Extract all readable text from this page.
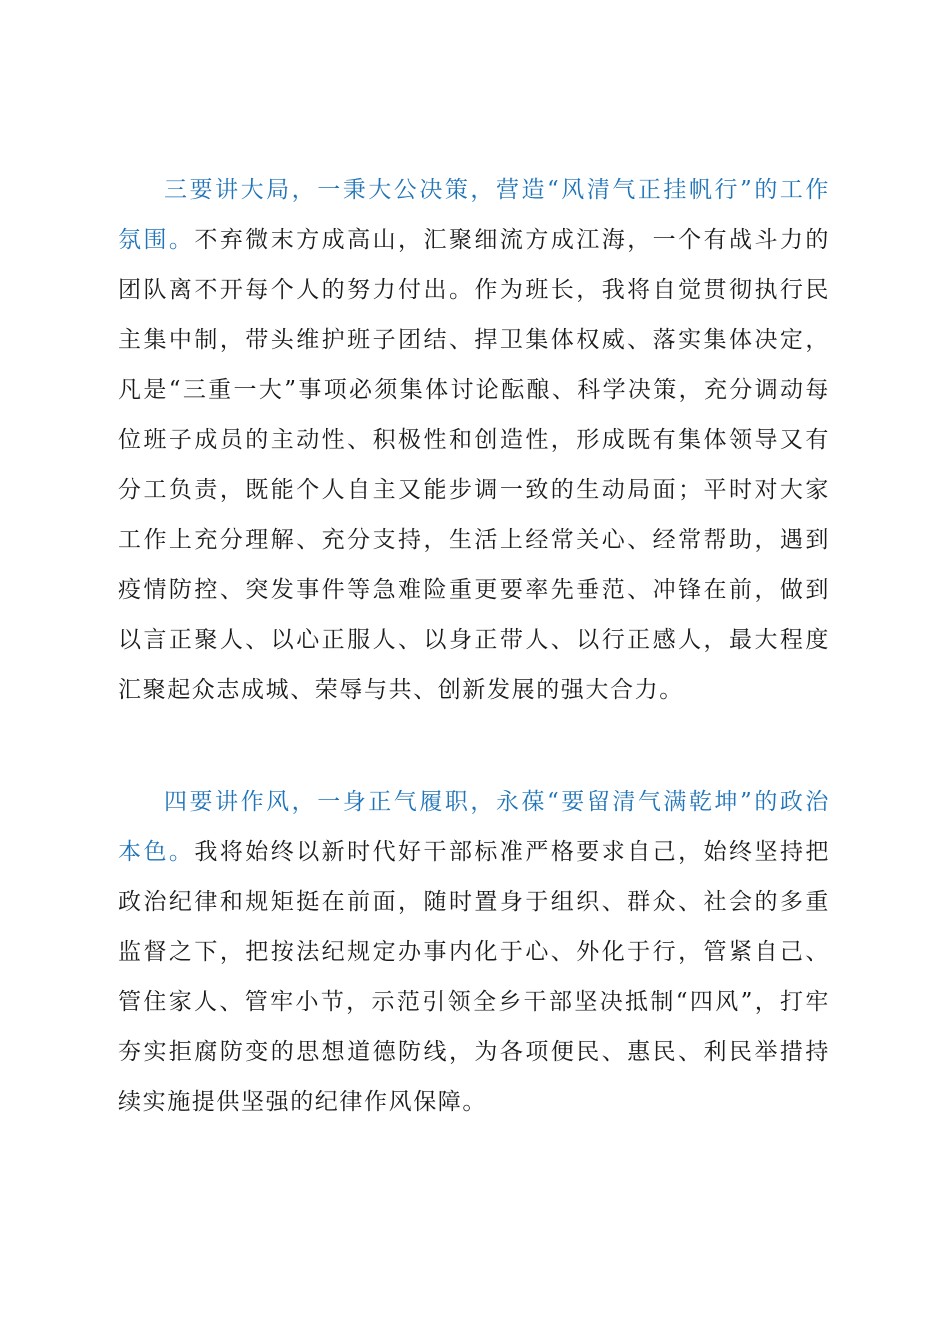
三要讲大局，一秉大公决策，营造“风清气正挂帆行”的工作氛围。不弃微末方成高山，汇聚细流方成江海，一个有战斗力的团队离不开每个人的努力付出。作为班长，我将自觉贯彻执行民主集中制，带头维护班子团结、捍卫集体权威、落实集体决定，凡是“三重一大”事项必须集体讨论酝酿、科学决策，充分调动每位班子成员的主动性、积极性和创造性，形成既有集体领导又有分工负责，既能个人自主又能步调一致的生动局面；平时对大家工作上充分理解、充分支持，生活上经常关心、经常帮助，遇到疫情防控、突发事件等急难险重更要率先垂范、冲锋在前，做到以言正聚人、以心正服人、以身正带人、以行正感人，最大程度汇聚起众志成城、荣辱与共、创新发展的强大合力。

四要讲作风，一身正气履职，永葆“要留清气满乾坤”的政治本色。我将始终以新时代好干部标准严格要求自己，始终坚持把政治纪律和规矩挺在前面，随时置身于组织、群众、社会的多重监督之下，把按法纪规定办事内化于心、外化于行，管紧自己、管住家人、管牢小节，示范引领全乡干部坚决抵制“四风”，打牢夯实拒腐防变的思想道德防线，为各项便民、惠民、利民举措持续实施提供坚强的纪律作风保障。
